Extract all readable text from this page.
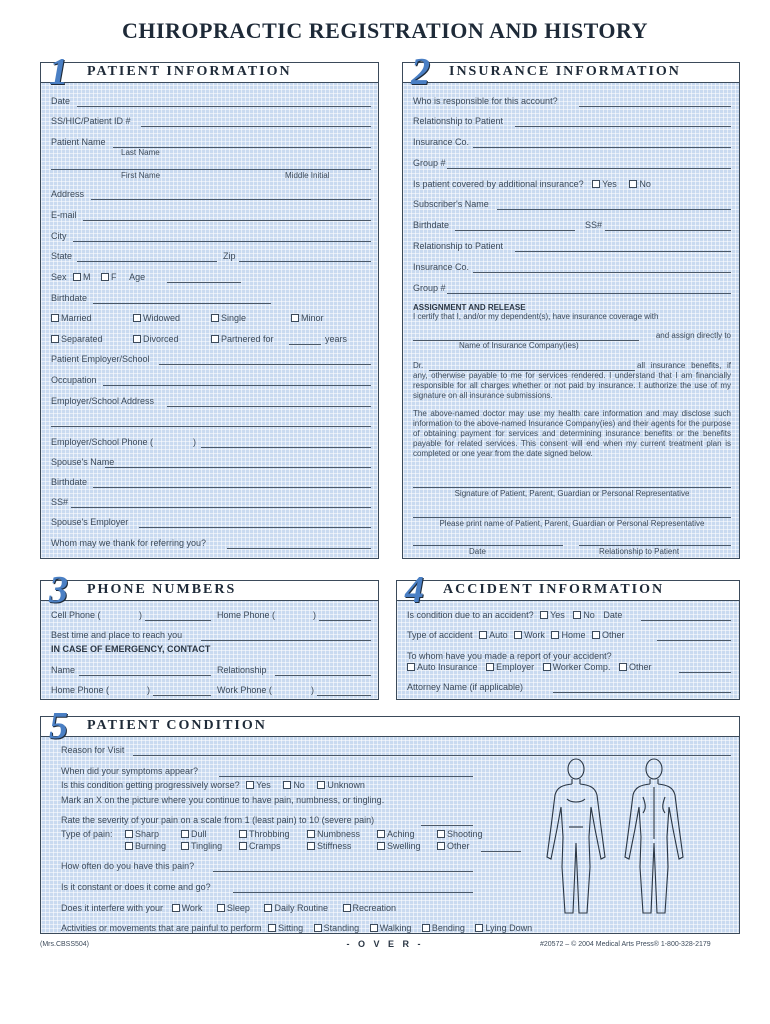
CHIROPRACTIC REGISTRATION AND HISTORY
1 PATIENT INFORMATION
Date
SS/HIC/Patient ID #
Patient Name
Last Name
First Name	Middle Initial
Address
E-mail
City
State	Zip
Sex M F Age
Birthdate
Married	Widowed	Single	Minor
Separated	Divorced	Partnered for	years
Patient Employer/School
Occupation
Employer/School Address
Employer/School Phone (	)
Spouse's Name
Birthdate
SS#
Spouse's Employer
Whom may we thank for referring you?
2 INSURANCE INFORMATION
Who is responsible for this account?
Relationship to Patient
Insurance Co.
Group #
Is patient covered by additional insurance? Yes	No
Subscriber's Name
Birthdate	SS#
Relationship to Patient
Insurance Co.
Group #
ASSIGNMENT AND RELEASE
I certify that I, and/or my dependent(s), have insurance coverage with
and assign directly to
Name of Insurance Company(ies)
Dr.	all insurance benefits, if any, otherwise payable to me for services rendered. I understand that I am financially responsible for all charges whether or not paid by insurance. I authorize the use of my signature on all insurance submissions.
The above-named doctor may use my health care information and may disclose such information to the above-named Insurance Company(ies) and their agents for the purpose of obtaining payment for services and determining insurance benefits or the benefits payable for related services. This consent will end when my current treatment plan is completed or one year from the date signed below.
Signature of Patient, Parent, Guardian or Personal Representative
Please print name of Patient, Parent, Guardian or Personal Representative
Date	Relationship to Patient
3 PHONE NUMBERS
Cell Phone (	)	Home Phone (	)
Best time and place to reach you
IN CASE OF EMERGENCY, CONTACT
Name	Relationship
Home Phone (	)	Work Phone (	)
4 ACCIDENT INFORMATION
Is condition due to an accident? Yes No Date
Type of accident Auto Work Home Other
To whom have you made a report of your accident?
Auto Insurance Employer Worker Comp. Other
Attorney Name (if applicable)
5 PATIENT CONDITION
Reason for Visit
When did your symptoms appear?
Is this condition getting progressively worse? Yes	No	Unknown
Mark an X on the picture where you continue to have pain, numbness, or tingling.
Rate the severity of your pain on a scale from 1 (least pain) to 10 (severe pain)
Type of pain:	Sharp	Dull	Throbbing	Numbness	Aching	Shooting
Burning	Tingling	Cramps	Stiffness	Swelling	Other
How often do you have this pain?
Is it constant or does it come and go?
Does it interfere with your Work	Sleep	Daily Routine	Recreation
Activities or movements that are painful to perform Sitting Standing Walking Bending Lying Down
(Mrs.CBSS504)	- O V E R -	#20572 – © 2004 Medical Arts Press® 1-800-328-2179
